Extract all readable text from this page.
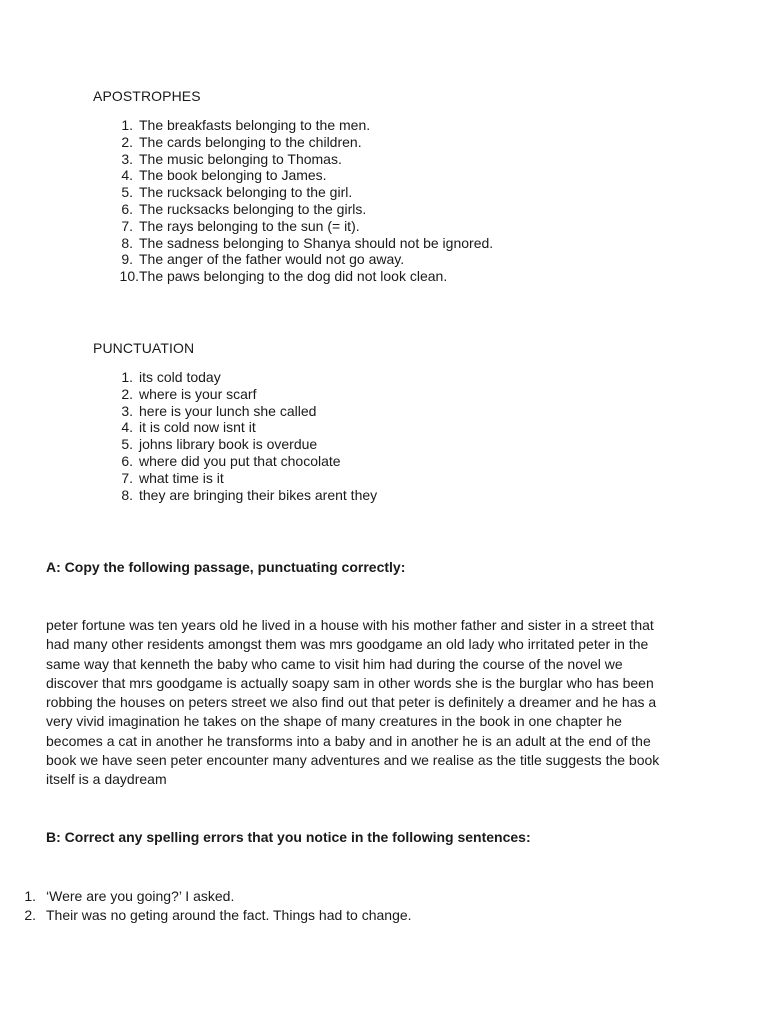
APOSTROPHES
1. The breakfasts belonging to the men.
2. The cards belonging to the children.
3. The music belonging to Thomas.
4. The book belonging to James.
5. The rucksack belonging to the girl.
6. The rucksacks belonging to the girls.
7. The rays belonging to the sun (= it).
8. The sadness belonging to Shanya should not be ignored.
9. The anger of the father would not go away.
10. The paws belonging to the dog did not look clean.
PUNCTUATION
1. its cold today
2. where is your scarf
3. here is your lunch she called
4. it is cold now isnt it
5. johns library book is overdue
6. where did you put that chocolate
7. what time is it
8. they are bringing their bikes arent they
A: Copy the following passage, punctuating correctly:
peter fortune was ten years old he lived in a house with his mother father and sister in a street that
had many other residents amongst them was mrs goodgame an old lady who irritated peter in the
same way that kenneth the baby who came to visit him had during the course of the novel we
discover that mrs goodgame is actually soapy sam in other words she is the burglar who has been
robbing the houses on peters street we also find out that peter is definitely a dreamer and he has a
very vivid imagination he takes on the shape of many creatures in the book in one chapter he
becomes a cat in another he transforms into a baby and in another he is an adult at the end of the
book we have seen peter encounter many adventures and we realise as the title suggests the book
itself is a daydream
B: Correct any spelling errors that you notice in the following sentences:
1. ‘Were are you going?’ I asked.
2. Their was no geting around the fact. Things had to change.
